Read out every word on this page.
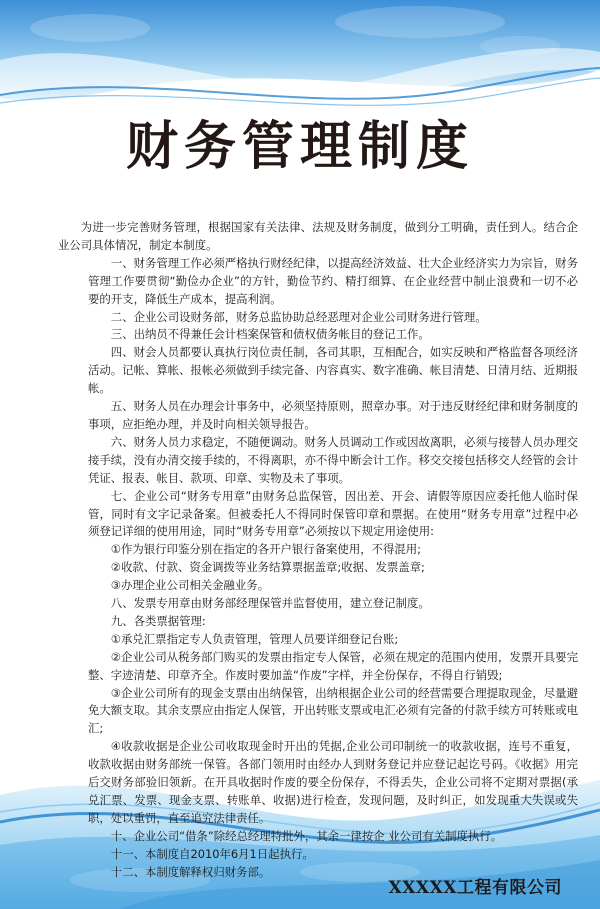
财务管理制度

为进一步完善财务管理，根据国家有关法律、法规及财务制度，做到分工明确，责任到人。结合企业公司具体情况，制定本制度。

一、财务管理工作必须严格执行财经纪律，以提高经济效益、壮大企业经济实力为宗旨，财务管理工作要贯彻“勤俭办企业”的方针，勤俭节约、精打细算、在企业经营中制止浪费和一切不必要的开支，降低生产成本，提高利润。

二、企业公司设财务部，财务总监协助总经恶理对企业公司财务进行管理。

三、出纳员不得兼任会计档案保管和债权债务帐目的登记工作。

四、财会人员都要认真执行岗位责任制，各司其职，互相配合，如实反映和严格监督各项经济活动。记帐、算帐、报帐必须做到手续完备、内容真实、数字准确、帐目清楚、日清月结、近期报帐。

五、财务人员在办理会计事务中，必须坚持原则，照章办事。对于违反财经纪律和财务制度的事项，应拒绝办理，并及时向相关领导报告。

六、财务人员力求稳定，不随便调动。财务人员调动工作或因故离职，必须与接替人员办理交接手续，没有办清交接手续的，不得离职，亦不得中断会计工作。移交交接包括移交人经管的会计凭证、报表、帐目、款项、印章、实物及未了事项。

七、企业公司“财务专用章”由财务总监保管，因出差、开会、请假等原因应委托他人临时保管，同时有文字记录备案。但被委托人不得同时保管印章和票据。在使用“财务专用章”过程中必须登记详细的使用用途，同时“财务专用章”必须按以下规定用途使用:

①作为银行印鉴分别在指定的各开户银行备案使用，不得混用;

②收款、付款、资金调拨等业务结算票据盖章;收据、发票盖章;

③办理企业公司相关金融业务。

八、发票专用章由财务部经理保管并监督使用，建立登记制度。

九、各类票据管理:

①承兑汇票指定专人负责管理，管理人员要详细登记台账;

②企业公司从税务部门购买的发票由指定专人保管，必须在规定的范围内使用，发票开具要完整、字迹清楚、印章齐全。作废时要加盖“作废”字样，并全份保存，不得自行销毁;

③企业公司所有的现金支票由出纳保管，出纳根据企业公司的经营需要合理提取现金，尽量避免大额支取。其余支票应由指定人保管，开出转账支票或电汇必须有完备的付款手续方可转账或电汇;

④收款收据是企业公司收取现金时开出的凭据,企业公司印制统一的收款收据，连号不重复，收款收据由财务部统一保管。各部门领用时由经办人到财务登记并应登记起讫号码。《收据》用完后交财务部验旧领新。在开具收据时作废的要全份保存，不得丢失，企业公司将不定期对票据(承兑汇票、发票、现金支票、转账单、收据)进行检查，发现问题，及时纠正，如发现重大失误或失职，处以重罚，直至追究法律责任。

十、企业公司“借条”除经总经理特批外，其余一律按企 业公司有关制度执行。

十一、本制度自2010年6月1日起执行。

十二、本制度解释权归财务部。

XXXXX工程有限公司
